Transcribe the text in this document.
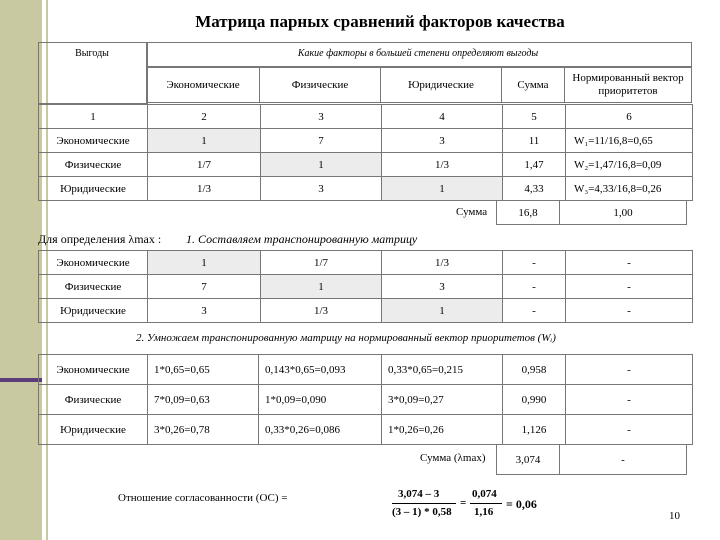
Матрица парных сравнений факторов качества
Выгоды	Какие факторы в большей степени определяют выгоды
Экономические	Физические	Юридические	Сумма	Нормированный вектор приоритетов
1	2	3	4	5	6
Экономические	1	7	3	11	W₁=11/16,8=0,65
Физические	1/7	1	1/3	1,47	W₂=1,47/16,8=0,09
Юридические	1/3	3	1	4,33	W₃=4,33/16,8=0,26
Сумма	16,8	1,00
Для определения λmax : 1. Составляем транспонированную матрицу
Экономические	1	1/7	1/3	-	-
Физические	7	1	3	-	-
Юридические	3	1/3	1	-	-
2. Умножаем транспонированную матрицу на нормированный вектор приоритетов (Wᵢ)
Экономические	1*0,65=0,65	0,143*0,65=0,093	0,33*0,65=0,215	0,958	-
Физические	7*0,09=0,63	1*0,09=0,090	3*0,09=0,27	0,990	-
Юридические	3*0,26=0,78	0,33*0,26=0,086	1*0,26=0,26	1,126	-
Сумма (λmax)	3,074	-
Отношение согласованности (ОС) =	3,074 – 3
(3 – 1) * 0,58
=
0,074
1,16
= 0,06
10
